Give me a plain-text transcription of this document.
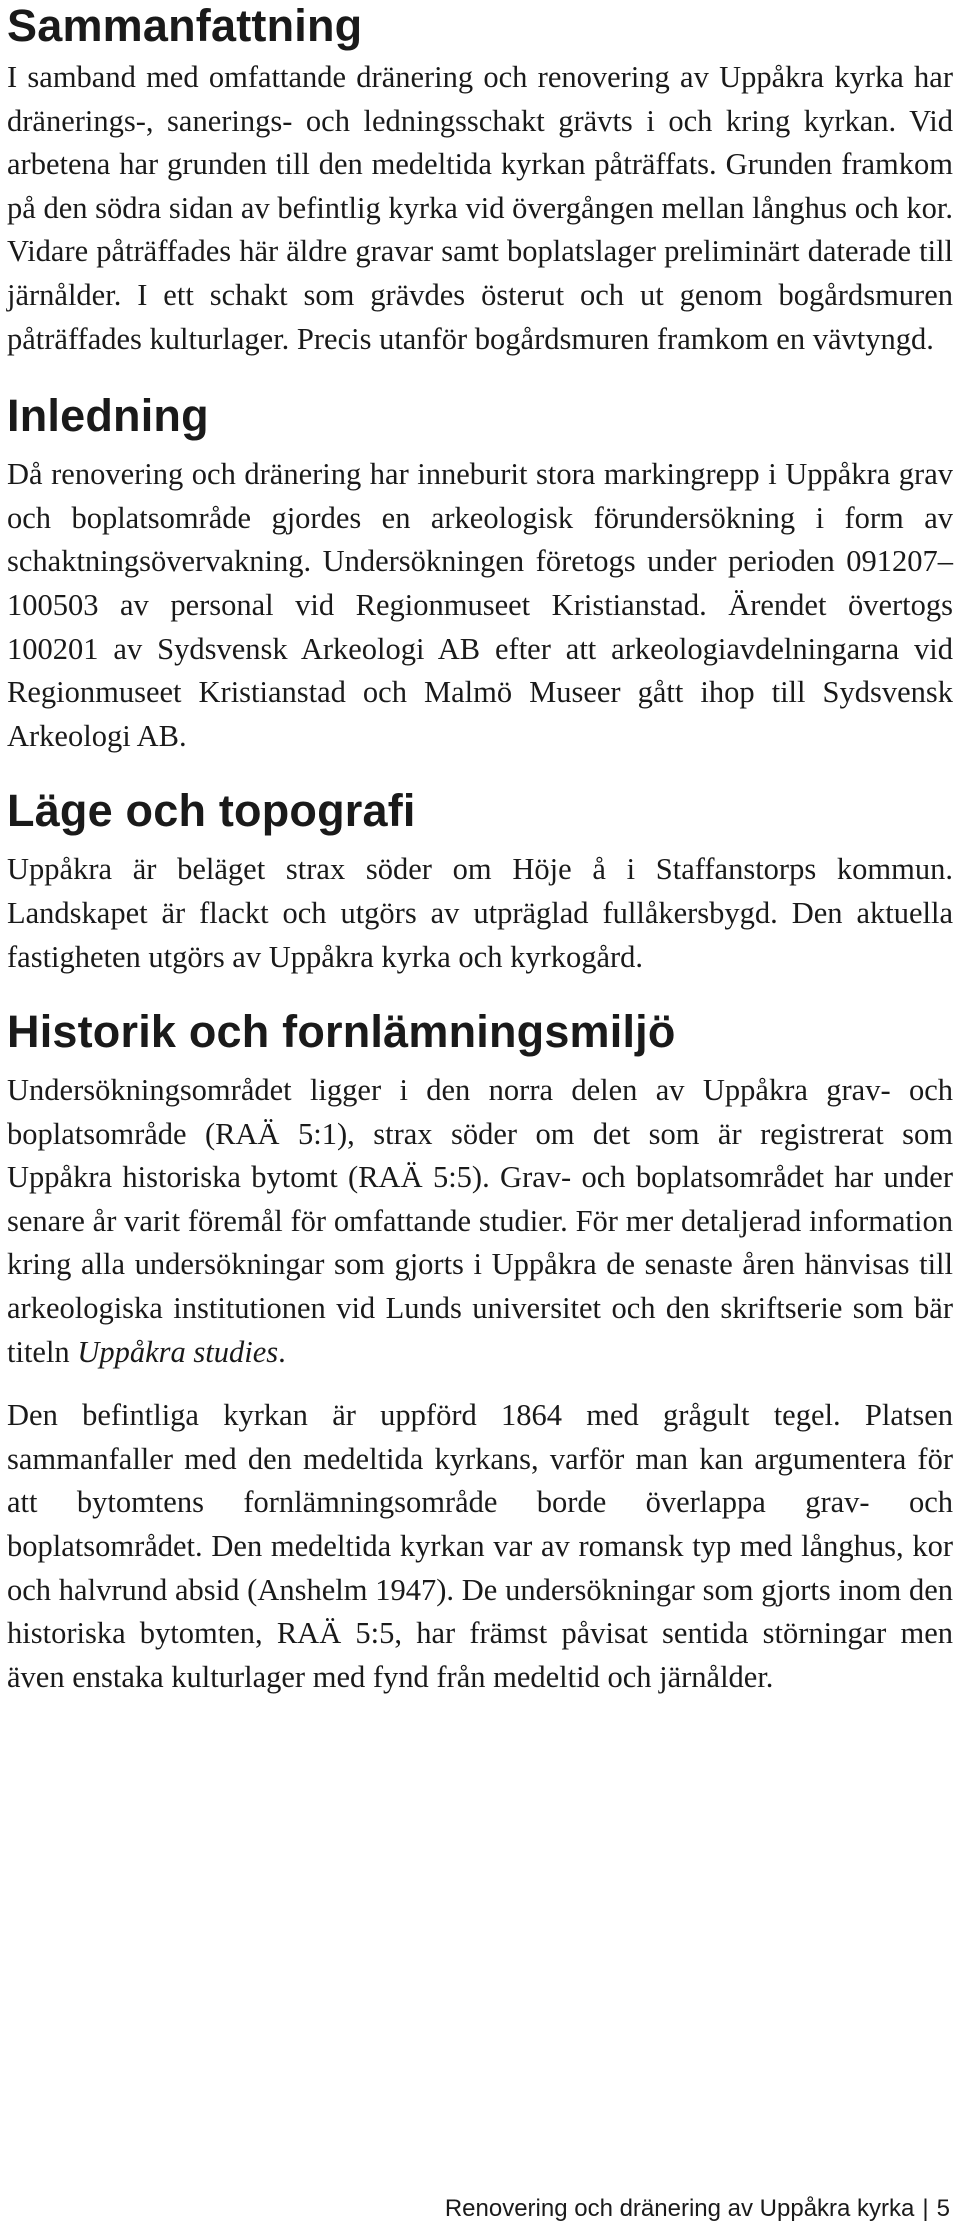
Sammanfattning

I samband med omfattande dränering och renovering av Uppåkra kyrka har dränerings-, sanerings- och ledningsschakt grävts i och kring kyrkan. Vid arbetena har grunden till den medeltida kyrkan påträffats. Grunden framkom på den södra sidan av befintlig kyrka vid övergången mellan långhus och kor. Vidare påträffades här äldre gravar samt boplatslager preliminärt daterade till järnålder. I ett schakt som grävdes österut och ut genom bogårdsmuren påträffades kulturlager. Precis utanför bogårdsmuren framkom en vävtyngd.

Inledning

Då renovering och dränering har inneburit stora markingrepp i Uppåkra grav och boplatsområde gjordes en arkeologisk förundersökning i form av schaktningsövervakning. Undersökningen företogs under perioden 091207–100503 av personal vid Regionmuseet Kristianstad. Ärendet övertogs 100201 av Sydsvensk Arkeologi AB efter att arkeologiavdelningarna vid Regionmuseet Kristianstad och Malmö Museer gått ihop till Sydsvensk Arkeologi AB.

Läge och topografi

Uppåkra är beläget strax söder om Höje å i Staffanstorps kommun. Landskapet är flackt och utgörs av utpräglad fullåkersbygd. Den aktuella fastigheten utgörs av Uppåkra kyrka och kyrkogård.

Historik och fornlämningsmiljö

Undersökningsområdet ligger i den norra delen av Uppåkra grav- och boplatsområde (RAÄ 5:1), strax söder om det som är registrerat som Uppåkra historiska bytomt (RAÄ 5:5). Grav- och boplatsområdet har under senare år varit föremål för omfattande studier. För mer detaljerad information kring alla undersökningar som gjorts i Uppåkra de senaste åren hänvisas till arkeologiska institutionen vid Lunds universitet och den skriftserie som bär titeln Uppåkra studies.

Den befintliga kyrkan är uppförd 1864 med grågult tegel. Platsen sammanfaller med den medeltida kyrkans, varför man kan argumentera för att bytomtens fornlämningsområde borde överlappa grav- och boplatsområdet. Den medeltida kyrkan var av romansk typ med långhus, kor och halvrund absid (Anshelm 1947). De undersökningar som gjorts inom den historiska bytomten, RAÄ 5:5, har främst påvisat sentida störningar men även enstaka kulturlager med fynd från medeltid och järnålder.

Renovering och dränering av Uppåkra kyrka | 5
